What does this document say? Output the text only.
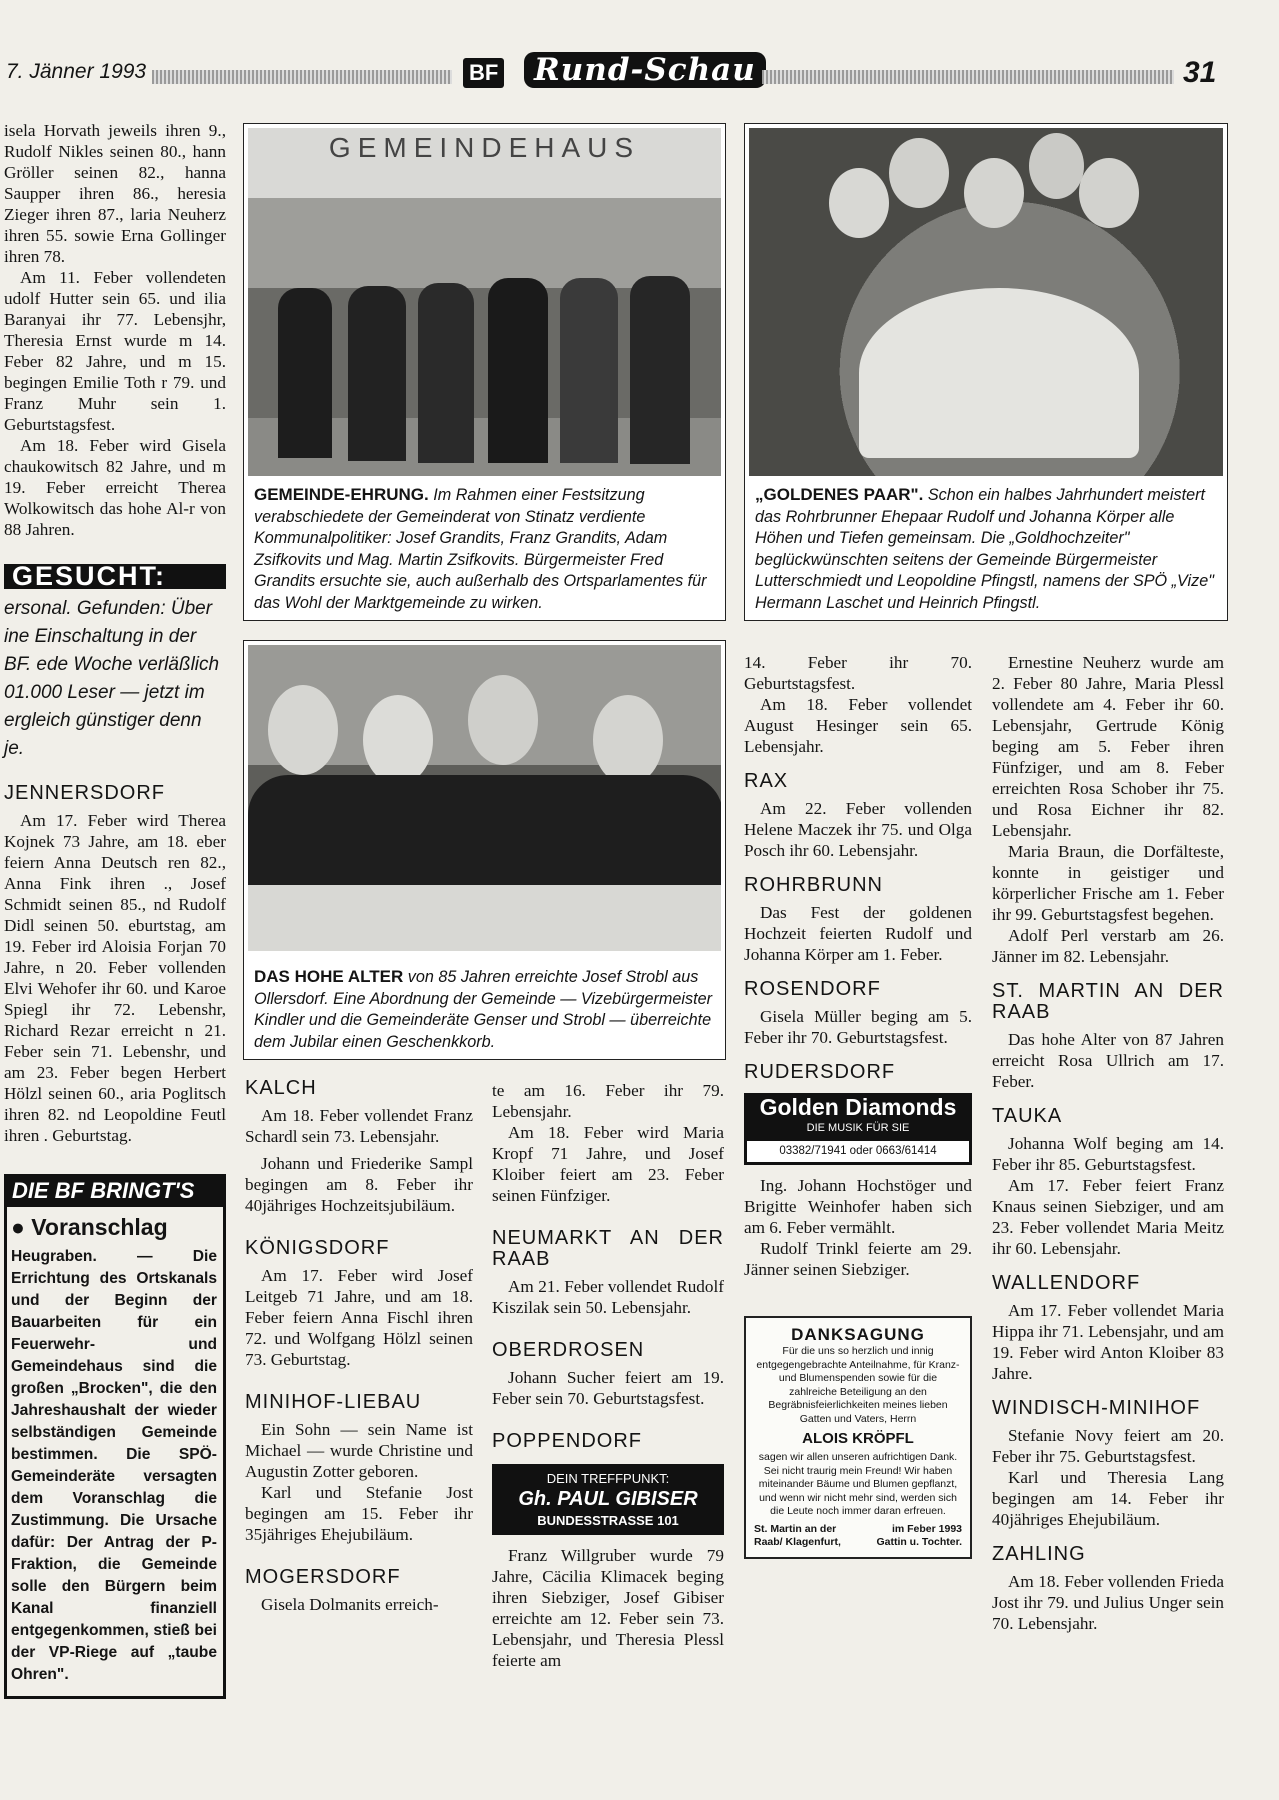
7. Jänner 1993	BF	Rund-Schau	31

isela Horvath jeweils ihren 9., Rudolf Nikles seinen 80., hann Gröller seinen 82., hanna Saupper ihren 86., heresia Zieger ihren 87., laria Neuherz ihren 55. sowie Erna Gollinger ihren 78.

Am 11. Feber vollendeten udolf Hutter sein 65. und ilia Baranyai ihr 77. Lebensjhr, Theresia Ernst wurde m 14. Feber 82 Jahre, und m 15. begingen Emilie Toth r 79. und Franz Muhr sein 1. Geburtstagsfest.

Am 18. Feber wird Gisela chaukowitsch 82 Jahre, und m 19. Feber erreicht Therea Wolkowitsch das hohe Al-r von 88 Jahren.

GESUCHT:

ersonal. Gefunden: Über ine Einschaltung in der BF. ede Woche verläßlich 01.000 Leser — jetzt im ergleich günstiger denn je.

JENNERSDORF

Am 17. Feber wird Therea Kojnek 73 Jahre, am 18. eber feiern Anna Deutsch ren 82., Anna Fink ihren ., Josef Schmidt seinen 85., nd Rudolf Didl seinen 50. eburtstag, am 19. Feber ird Aloisia Forjan 70 Jahre, n 20. Feber vollenden Elvi Wehofer ihr 60. und Karoe Spiegl ihr 72. Lebenshr, Richard Rezar erreicht n 21. Feber sein 71. Lebenshr, und am 23. Feber begen Herbert Hölzl seinen 60., aria Poglitsch ihren 82. nd Leopoldine Feutl ihren . Geburtstag.

DIE BF BRINGT'S
● Voranschlag

Heugraben. — Die Errichtung des Ortskanals und der Beginn der Bauarbeiten für ein Feuerwehr- und Gemeindehaus sind die großen „Brocken", die den Jahreshaushalt der wieder selbständigen Gemeinde bestimmen. Die SPÖ-Gemeinderäte versagten dem Voranschlag die Zustimmung. Die Ursache dafür: Der Antrag der P-Fraktion, die Gemeinde solle den Bürgern beim Kanal finanziell entgegenkommen, stieß bei der VP-Riege auf „taube Ohren".

GEMEINDEHAUS
GEMEINDE-EHRUNG. Im Rahmen einer Festsitzung verabschiedete der Gemeinderat von Stinatz verdiente Kommunalpolitiker: Josef Grandits, Franz Grandits, Adam Zsifkovits und Mag. Martin Zsifkovits. Bürgermeister Fred Grandits ersuchte sie, auch außerhalb des Ortsparlamentes für das Wohl der Marktgemeinde zu wirken.
„GOLDENES PAAR". Schon ein halbes Jahrhundert meistert das Rohrbrunner Ehepaar Rudolf und Johanna Körper alle Höhen und Tiefen gemeinsam. Die „Goldhochzeiter" beglückwünschten seitens der Gemeinde Bürgermeister Lutterschmiedt und Leopoldine Pfingstl, namens der SPÖ „Vize" Hermann Laschet und Heinrich Pfingstl.
DAS HOHE ALTER von 85 Jahren erreichte Josef Strobl aus Ollersdorf. Eine Abordnung der Gemeinde — Vizebürgermeister Kindler und die Gemeinderäte Genser und Strobl — überreichte dem Jubilar einen Geschenkkorb.
KALCH

Am 18. Feber vollendet Franz Schardl sein 73. Lebensjahr.

Johann und Friederike Sampl begingen am 8. Feber ihr 40jähriges Hochzeitsjubiläum.

KÖNIGSDORF

Am 17. Feber wird Josef Leitgeb 71 Jahre, und am 18. Feber feiern Anna Fischl ihren 72. und Wolfgang Hölzl seinen 73. Geburtstag.

MINIHOF-LIEBAU

Ein Sohn — sein Name ist Michael — wurde Christine und Augustin Zotter geboren.

Karl und Stefanie Jost begingen am 15. Feber ihr 35jähriges Ehejubiläum.

MOGERSDORF

Gisela Dolmanits erreich-

te am 16. Feber ihr 79. Lebensjahr.

Am 18. Feber wird Maria Kropf 71 Jahre, und Josef Kloiber feiert am 23. Feber seinen Fünfziger.

NEUMARKT AN DER RAAB

Am 21. Feber vollendet Rudolf Kiszilak sein 50. Lebensjahr.

OBERDROSEN

Johann Sucher feiert am 19. Feber sein 70. Geburtstagsfest.

POPPENDORF
DEIN TREFFPUNKT:
Gh. PAUL GIBISER
BUNDESSTRASSE 101

Franz Willgruber wurde 79 Jahre, Cäcilia Klimacek beging ihren Siebziger, Josef Gibiser erreichte am 12. Feber sein 73. Lebensjahr, und Theresia Plessl feierte am

14. Feber ihr 70. Geburtstagsfest.

Am 18. Feber vollendet August Hesinger sein 65. Lebensjahr.

RAX

Am 22. Feber vollenden Helene Maczek ihr 75. und Olga Posch ihr 60. Lebensjahr.

ROHRBRUNN

Das Fest der goldenen Hochzeit feierten Rudolf und Johanna Körper am 1. Feber.

ROSENDORF

Gisela Müller beging am 5. Feber ihr 70. Geburtstagsfest.

RUDERSDORF
Golden Diamonds
DIE MUSIK FÜR SIE
03382/71941 oder 0663/61414

Ing. Johann Hochstöger und Brigitte Weinhofer haben sich am 6. Feber vermählt.

Rudolf Trinkl feierte am 29. Jänner seinen Siebziger.

DANKSAGUNG
Für die uns so herzlich und innig entgegengebrachte Anteilnahme, für Kranz- und Blumenspenden sowie für die zahlreiche Beteiligung an den Begräbnisfeierlichkeiten meines lieben Gatten und Vaters, Herrn
ALOIS KRÖPFL
sagen wir allen unseren aufrichtigen Dank. Sei nicht traurig mein Freund! Wir haben miteinander Bäume und Blumen gepflanzt, und wenn wir nicht mehr sind, werden sich die Leute noch immer daran erfreuen.
St. Martin an der Raab/ Klagenfurt,
im Feber 1993 Gattin u. Tochter.

Ernestine Neuherz wurde am 2. Feber 80 Jahre, Maria Plessl vollendete am 4. Feber ihr 60. Lebensjahr, Gertrude König beging am 5. Feber ihren Fünfziger, und am 8. Feber erreichten Rosa Schober ihr 75. und Rosa Eichner ihr 82. Lebensjahr.

Maria Braun, die Dorfälteste, konnte in geistiger und körperlicher Frische am 1. Feber ihr 99. Geburtstagsfest begehen.

Adolf Perl verstarb am 26. Jänner im 82. Lebensjahr.

ST. MARTIN AN DER RAAB

Das hohe Alter von 87 Jahren erreicht Rosa Ullrich am 17. Feber.

TAUKA

Johanna Wolf beging am 14. Feber ihr 85. Geburtstagsfest.

Am 17. Feber feiert Franz Knaus seinen Siebziger, und am 23. Feber vollendet Maria Meitz ihr 60. Lebensjahr.

WALLENDORF

Am 17. Feber vollendet Maria Hippa ihr 71. Lebensjahr, und am 19. Feber wird Anton Kloiber 83 Jahre.

WINDISCH-MINIHOF

Stefanie Novy feiert am 20. Feber ihr 75. Geburtstagsfest.

Karl und Theresia Lang begingen am 14. Feber ihr 40jähriges Ehejubiläum.

ZAHLING

Am 18. Feber vollenden Frieda Jost ihr 79. und Julius Unger sein 70. Lebensjahr.
